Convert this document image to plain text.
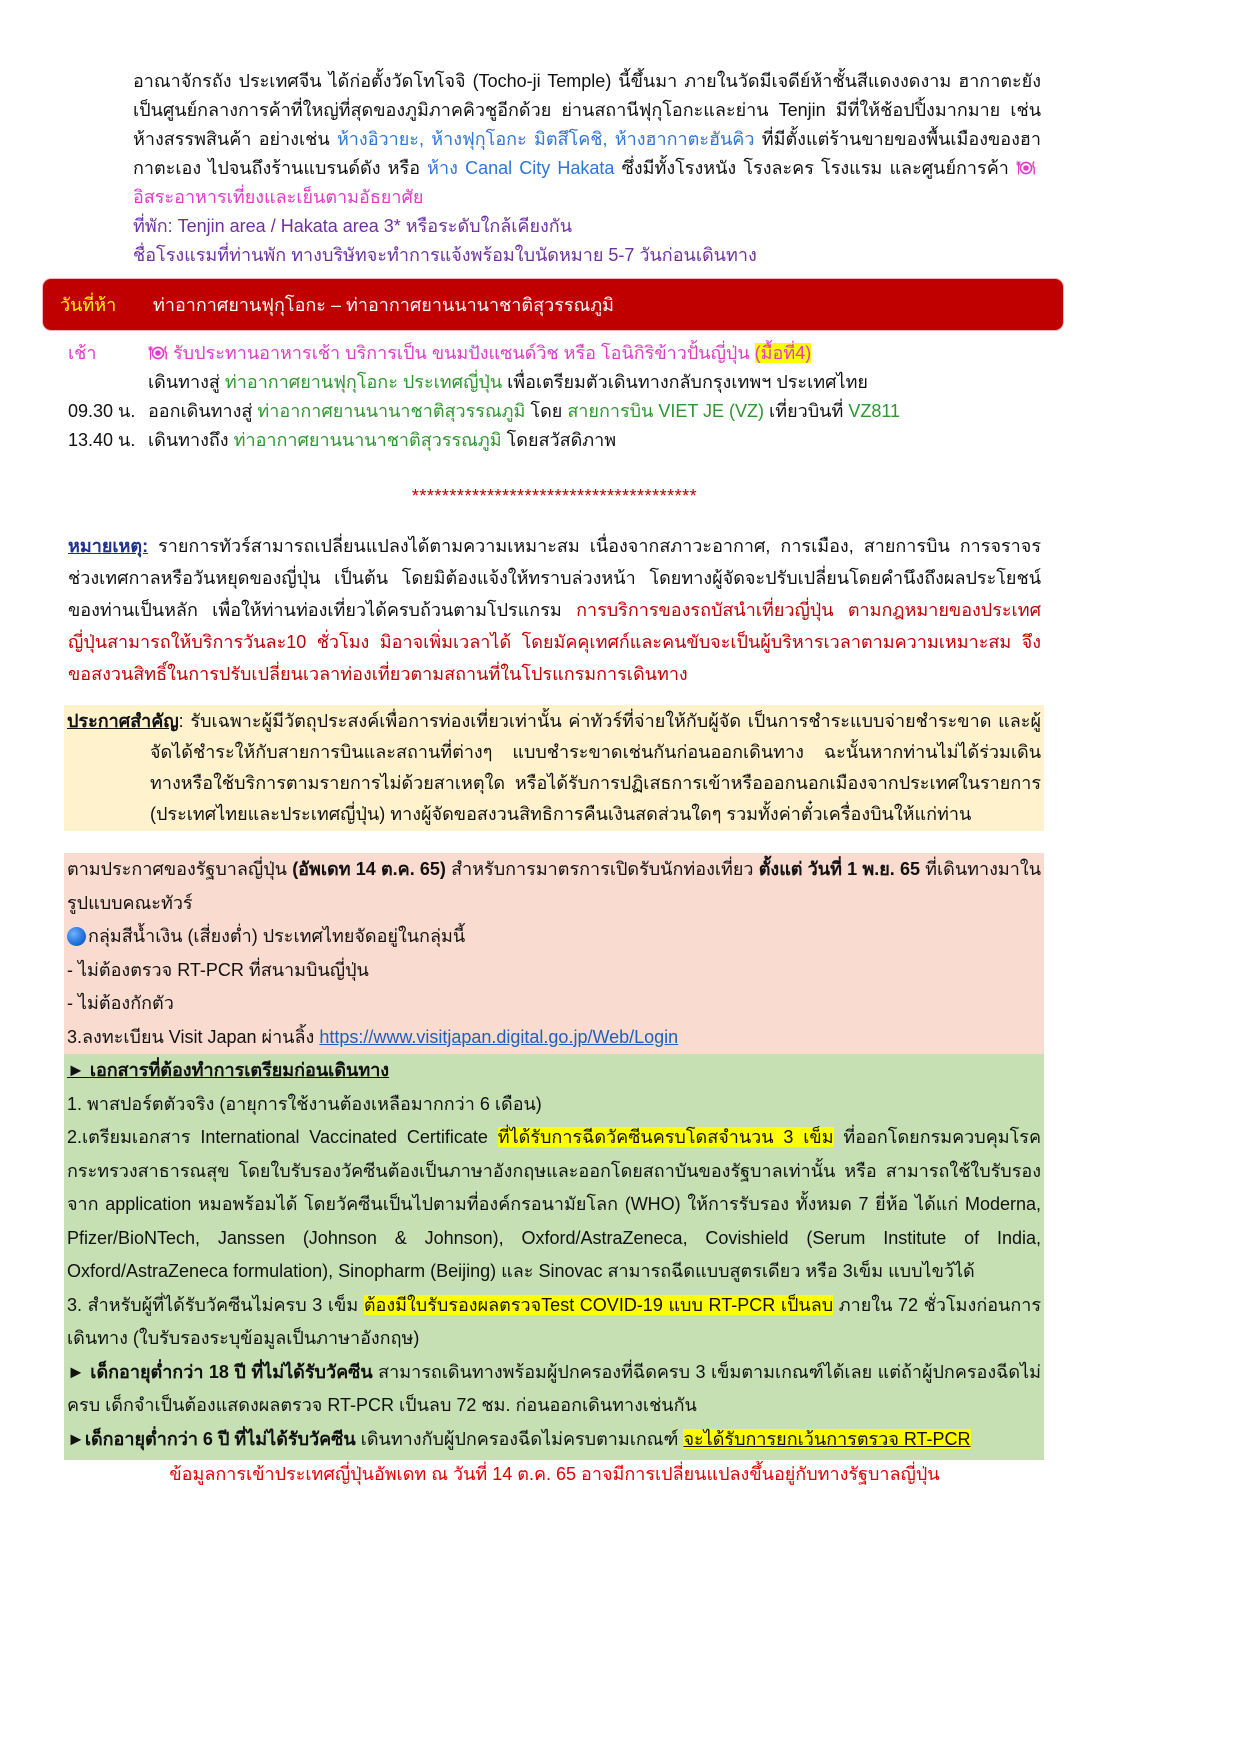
อาณาจักรถัง ประเทศจีน ได้ก่อตั้งวัดโทโจจิ (Tocho-ji Temple) นี้ขึ้นมา ภายในวัดมีเจดีย์ห้าชั้นสีแดงงดงาม ฮากาตะยังเป็นศูนย์กลางการค้าที่ใหญ่ที่สุดของภูมิภาคคิวชูอีกด้วย ย่านสถานีฟุกุโอกะและย่าน Tenjin มีที่ให้ช้อปปิ้งมากมาย เช่น ห้างสรรพสินค้า อย่างเช่น ห้างอิวายะ, ห้างฟุกุโอกะ มิตสึโคชิ, ห้างฮากาตะฮันคิว ที่มีตั้งแต่ร้านขายของพื้นเมืองของฮากาตะเอง ไปจนถึงร้านแบรนด์ดัง หรือ ห้าง Canal City Hakata ซึ่งมีทั้งโรงหนัง โรงละคร โรงแรม และศูนย์การค้า อิสระอาหารเที่ยงและเย็นตามอัธยาศัย

ที่พัก: Tenjin area / Hakata area 3* หรือระดับใกล้เคียงกัน

ชื่อโรงแรมที่ท่านพัก ทางบริษัทจะทำการแจ้งพร้อมใบนัดหมาย 5-7 วันก่อนเดินทาง

วันที่ห้า	ท่าอากาศยานฟุกุโอกะ – ท่าอากาศยานนานาชาติสุวรรณภูมิ
เช้า	รับประทานอาหารเช้า บริการเป็น ขนมปังแซนด์วิช หรือ โอนิกิริข้าวปั้นญี่ปุ่น (มื้อที่4)
เดินทางสู่ ท่าอากาศยานฟุกุโอกะ ประเทศญี่ปุ่น เพื่อเตรียมตัวเดินทางกลับกรุงเทพฯ ประเทศไทย
09.30 น. ออกเดินทางสู่ ท่าอากาศยานนานาชาติสุวรรณภูมิ โดย สายการบิน VIET JE (VZ) เที่ยวบินที่ VZ811
13.40 น. เดินทางถึง ท่าอากาศยานนานาชาติสุวรรณภูมิ โดยสวัสดิภาพ
**************************************

หมายเหตุ: รายการทัวร์สามารถเปลี่ยนแปลงได้ตามความเหมาะสม เนื่องจากสภาวะอากาศ, การเมือง, สายการบิน การจราจรช่วงเทศกาลหรือวันหยุดของญี่ปุ่น เป็นต้น โดยมิต้องแจ้งให้ทราบล่วงหน้า โดยทางผู้จัดจะปรับเปลี่ยนโดยคำนึงถึงผลประโยชน์ของท่านเป็นหลัก เพื่อให้ท่านท่องเที่ยวได้ครบถ้วนตามโปรแกรม การบริการของรถบัสนำเที่ยวญี่ปุ่น ตามกฎหมายของประเทศญี่ปุ่นสามารถให้บริการวันละ10 ชั่วโมง มิอาจเพิ่มเวลาได้ โดยมัคคุเทศก์และคนขับจะเป็นผู้บริหารเวลาตามความเหมาะสม จึงขอสงวนสิทธิ์ในการปรับเปลี่ยนเวลาท่องเที่ยวตามสถานที่ในโปรแกรมการเดินทาง

ประกาศสำคัญ: รับเฉพาะผู้มีวัตถุประสงค์เพื่อการท่องเที่ยวเท่านั้น ค่าทัวร์ที่จ่ายให้กับผู้จัด เป็นการชำระแบบจ่ายชำระขาด และผู้จัดได้ชำระให้กับสายการบินและสถานที่ต่างๆ แบบชำระขาดเช่นกันก่อนออกเดินทาง ฉะนั้นหากท่านไม่ได้ร่วมเดินทางหรือใช้บริการตามรายการไม่ด้วยสาเหตุใด หรือได้รับการปฏิเสธการเข้าหรือออกนอกเมืองจากประเทศในรายการ (ประเทศไทยและประเทศญี่ปุ่น) ทางผู้จัดขอสงวนสิทธิการคืนเงินสดส่วนใดๆ รวมทั้งค่าตั๋วเครื่องบินให้แก่ท่าน

ตามประกาศของรัฐบาลญี่ปุ่น (อัพเดท 14 ต.ค. 65) สำหรับการมาตรการเปิดรับนักท่องเที่ยว ตั้งแต่ วันที่ 1 พ.ย. 65 ที่เดินทางมาในรูปแบบคณะทัวร์

กลุ่มสีน้ำเงิน (เสี่ยงต่ำ) ประเทศไทยจัดอยู่ในกลุ่มนี้

- ไม่ต้องตรวจ RT-PCR ที่สนามบินญี่ปุ่น

- ไม่ต้องกักตัว

3.ลงทะเบียน Visit Japan ผ่านลิ้ง https://www.visitjapan.digital.go.jp/Web/Login

► เอกสารที่ต้องทำการเตรียมก่อนเดินทาง

1. พาสปอร์ตตัวจริง (อายุการใช้งานต้องเหลือมากกว่า 6 เดือน)

2.เตรียมเอกสาร International Vaccinated Certificate ที่ได้รับการฉีดวัคซีนครบโดสจำนวน 3 เข็ม ที่ออกโดยกรมควบคุมโรค กระทรวงสาธารณสุข โดยใบรับรองวัคซีนต้องเป็นภาษาอังกฤษและออกโดยสถาบันของรัฐบาลเท่านั้น หรือ สามารถใช้ใบรับรองจาก application หมอพร้อมได้ โดยวัคซีนเป็นไปตามที่องค์กรอนามัยโลก (WHO) ให้การรับรอง ทั้งหมด 7 ยี่ห้อ ได้แก่ Moderna, Pfizer/BioNTech, Janssen (Johnson & Johnson), Oxford/AstraZeneca, Covishield (Serum Institute of India, Oxford/AstraZeneca formulation), Sinopharm (Beijing) และ Sinovac สามารถฉีดแบบสูตรเดียว หรือ 3เข็ม แบบไขว้ได้

3. สำหรับผู้ที่ได้รับวัคซีนไม่ครบ 3 เข็ม ต้องมีใบรับรองผลตรวจTest COVID-19 แบบ RT-PCR เป็นลบ ภายใน 72 ชั่วโมงก่อนการเดินทาง (ใบรับรองระบุข้อมูลเป็นภาษาอังกฤษ)

► เด็กอายุต่ำกว่า 18 ปี ที่ไม่ได้รับวัคซีน สามารถเดินทางพร้อมผู้ปกครองที่ฉีดครบ 3 เข็มตามเกณฑ์ได้เลย แต่ถ้าผู้ปกครองฉีดไม่ครบ เด็กจำเป็นต้องแสดงผลตรวจ RT-PCR เป็นลบ 72 ชม. ก่อนออกเดินทางเช่นกัน

►เด็กอายุต่ำกว่า 6 ปี ที่ไม่ได้รับวัคซีน เดินทางกับผู้ปกครองฉีดไม่ครบตามเกณฑ์ จะได้รับการยกเว้นการตรวจ RT-PCR

ข้อมูลการเข้าประเทศญี่ปุ่นอัพเดท ณ วันที่ 14 ต.ค. 65 อาจมีการเปลี่ยนแปลงขึ้นอยู่กับทางรัฐบาลญี่ปุ่น
